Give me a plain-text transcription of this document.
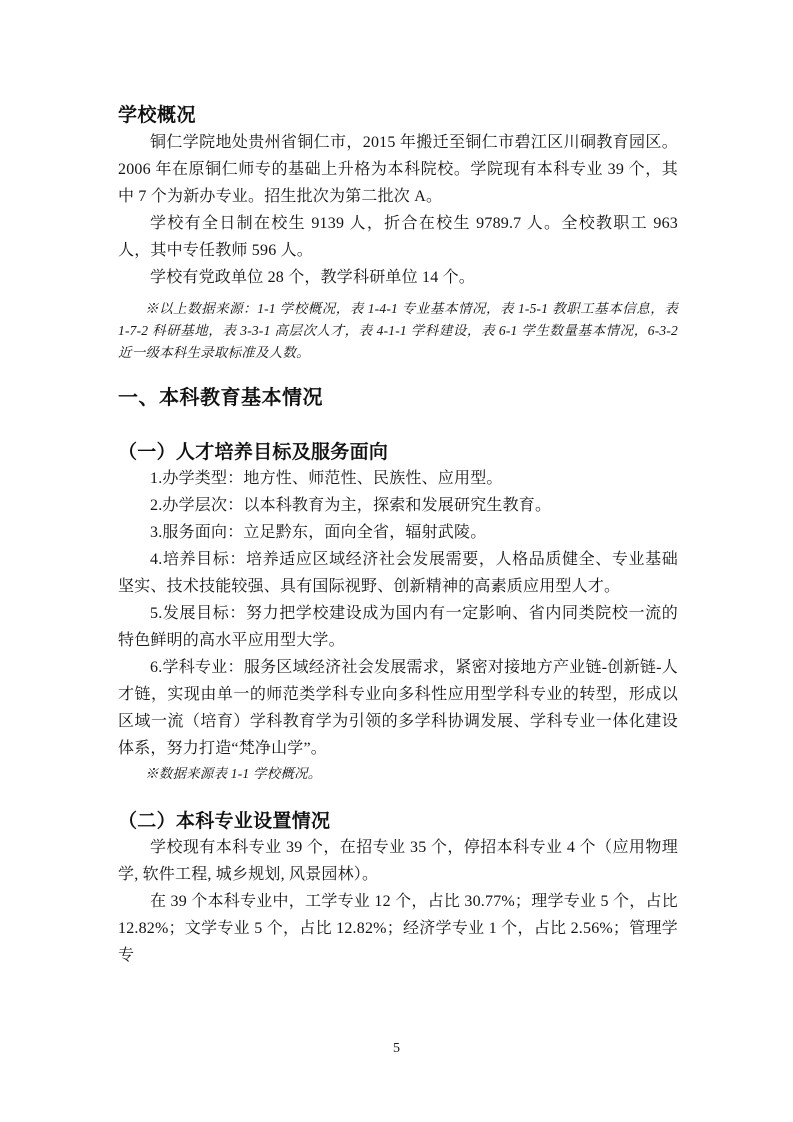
学校概况

铜仁学院地处贵州省铜仁市，2015 年搬迁至铜仁市碧江区川硐教育园区。2006 年在原铜仁师专的基础上升格为本科院校。学院现有本科专业 39 个，其中 7 个为新办专业。招生批次为第二批次 A。

学校有全日制在校生 9139 人，折合在校生 9789.7 人。全校教职工 963 人，其中专任教师 596 人。

学校有党政单位 28 个，教学科研单位 14 个。

※以上数据来源：1-1 学校概况，表 1-4-1 专业基本情况，表 1-5-1 教职工基本信息，表 1-7-2 科研基地，表 3-3-1 高层次人才，表 4-1-1 学科建设，表 6-1 学生数量基本情况，6-3-2 近一级本科生录取标准及人数。

一、本科教育基本情况
（一）人才培养目标及服务面向

1.办学类型：地方性、师范性、民族性、应用型。

2.办学层次：以本科教育为主，探索和发展研究生教育。

3.服务面向：立足黔东，面向全省，辐射武陵。

4.培养目标：培养适应区域经济社会发展需要，人格品质健全、专业基础坚实、技术技能较强、具有国际视野、创新精神的高素质应用型人才。

5.发展目标：努力把学校建设成为国内有一定影响、省内同类院校一流的特色鲜明的高水平应用型大学。

6.学科专业：服务区域经济社会发展需求，紧密对接地方产业链-创新链-人才链，实现由单一的师范类学科专业向多科性应用型学科专业的转型，形成以区域一流（培育）学科教育学为引领的多学科协调发展、学科专业一体化建设体系，努力打造“梵净山学”。

※数据来源表 1-1 学校概况。

（二）本科专业设置情况

学校现有本科专业 39 个，在招专业 35 个，停招本科专业 4 个（应用物理学, 软件工程, 城乡规划, 风景园林）。

在 39 个本科专业中，工学专业 12 个，占比 30.77%；理学专业 5 个，占比 12.82%；文学专业 5 个，占比 12.82%；经济学专业 1 个，占比 2.56%；管理学专

5
